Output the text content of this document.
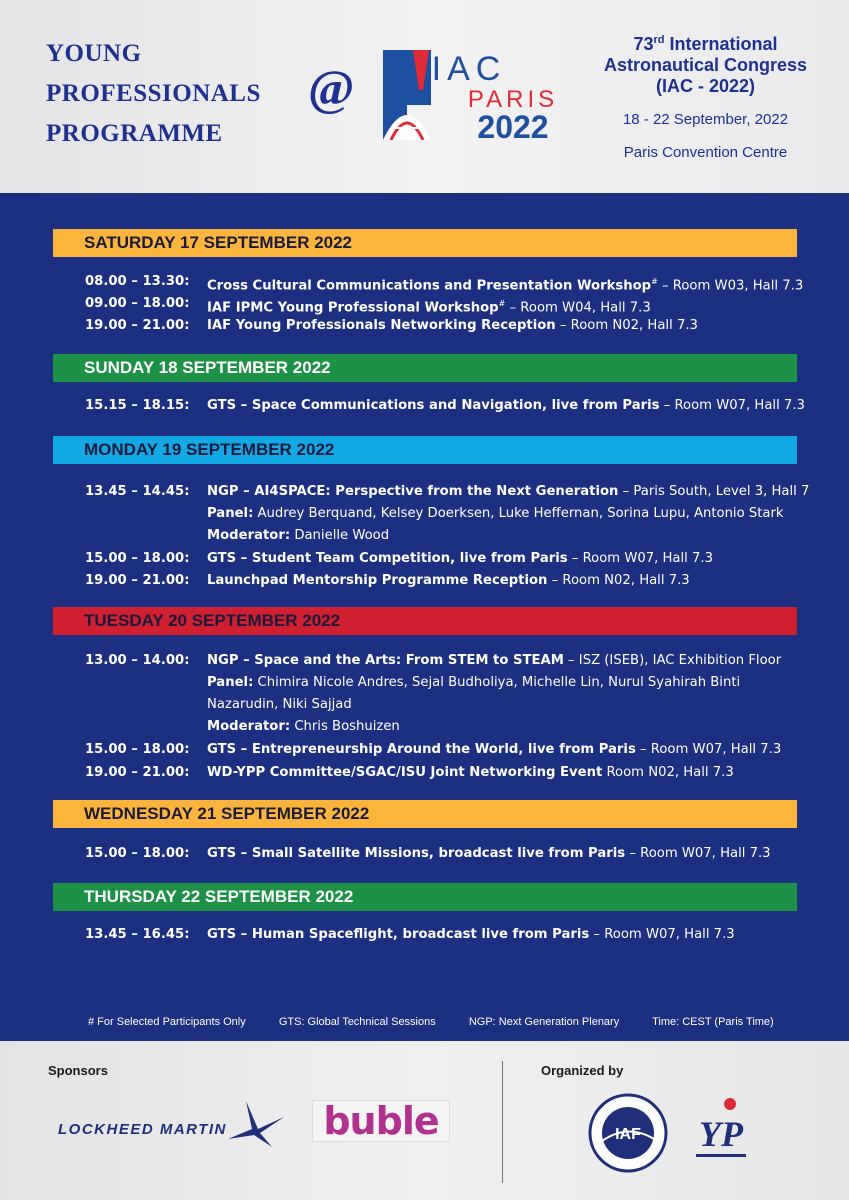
YOUNG
PROFESSIONALS
PROGRAMME
@ IAC
PARIS
2022
73rd International
Astronautical Congress
(IAC - 2022)
18 - 22 September, 2022
Paris Convention Centre
SATURDAY 17 SEPTEMBER 2022
08.00 – 13.30:	Cross Cultural Communications and Presentation Workshop# – Room W03, Hall 7.3
09.00 – 18.00:	IAF IPMC Young Professional Workshop# – Room W04, Hall 7.3
19.00 – 21.00:	IAF Young Professionals Networking Reception – Room N02, Hall 7.3
SUNDAY 18 SEPTEMBER 2022
15.15 – 18.15:	GTS – Space Communications and Navigation, live from Paris – Room W07, Hall 7.3
MONDAY 19 SEPTEMBER 2022
13.45 – 14.45:	NGP – AI4SPACE: Perspective from the Next Generation – Paris South, Level 3, Hall 7
Panel: Audrey Berquand, Kelsey Doerksen, Luke Heffernan, Sorina Lupu, Antonio Stark
Moderator: Danielle Wood
15.00 – 18.00:	GTS – Student Team Competition, live from Paris – Room W07, Hall 7.3
19.00 – 21.00:	Launchpad Mentorship Programme Reception – Room N02, Hall 7.3
TUESDAY 20 SEPTEMBER 2022
13.00 – 14.00:	NGP – Space and the Arts: From STEM to STEAM – ISZ (ISEB), IAC Exhibition Floor
Panel: Chimira Nicole Andres, Sejal Budholiya, Michelle Lin, Nurul Syahirah Binti
Nazarudin, Niki Sajjad
Moderator: Chris Boshuizen
15.00 – 18.00:	GTS – Entrepreneurship Around the World, live from Paris – Room W07, Hall 7.3
19.00 – 21.00:	WD-YPP Committee/SGAC/ISU Joint Networking Event Room N02, Hall 7.3
WEDNESDAY 21 SEPTEMBER 2022
15.00 – 18.00:	GTS – Small Satellite Missions, broadcast live from Paris – Room W07, Hall 7.3
THURSDAY 22 SEPTEMBER 2022
13.45 – 16.45:	GTS – Human Spaceflight, broadcast live from Paris – Room W07, Hall 7.3
# For Selected Participants Only	GTS: Global Technical Sessions	NGP: Next Generation Plenary	Time: CEST (Paris Time)
Sponsors	Organized by
LOCKHEED MARTIN	buble	IAF YP
